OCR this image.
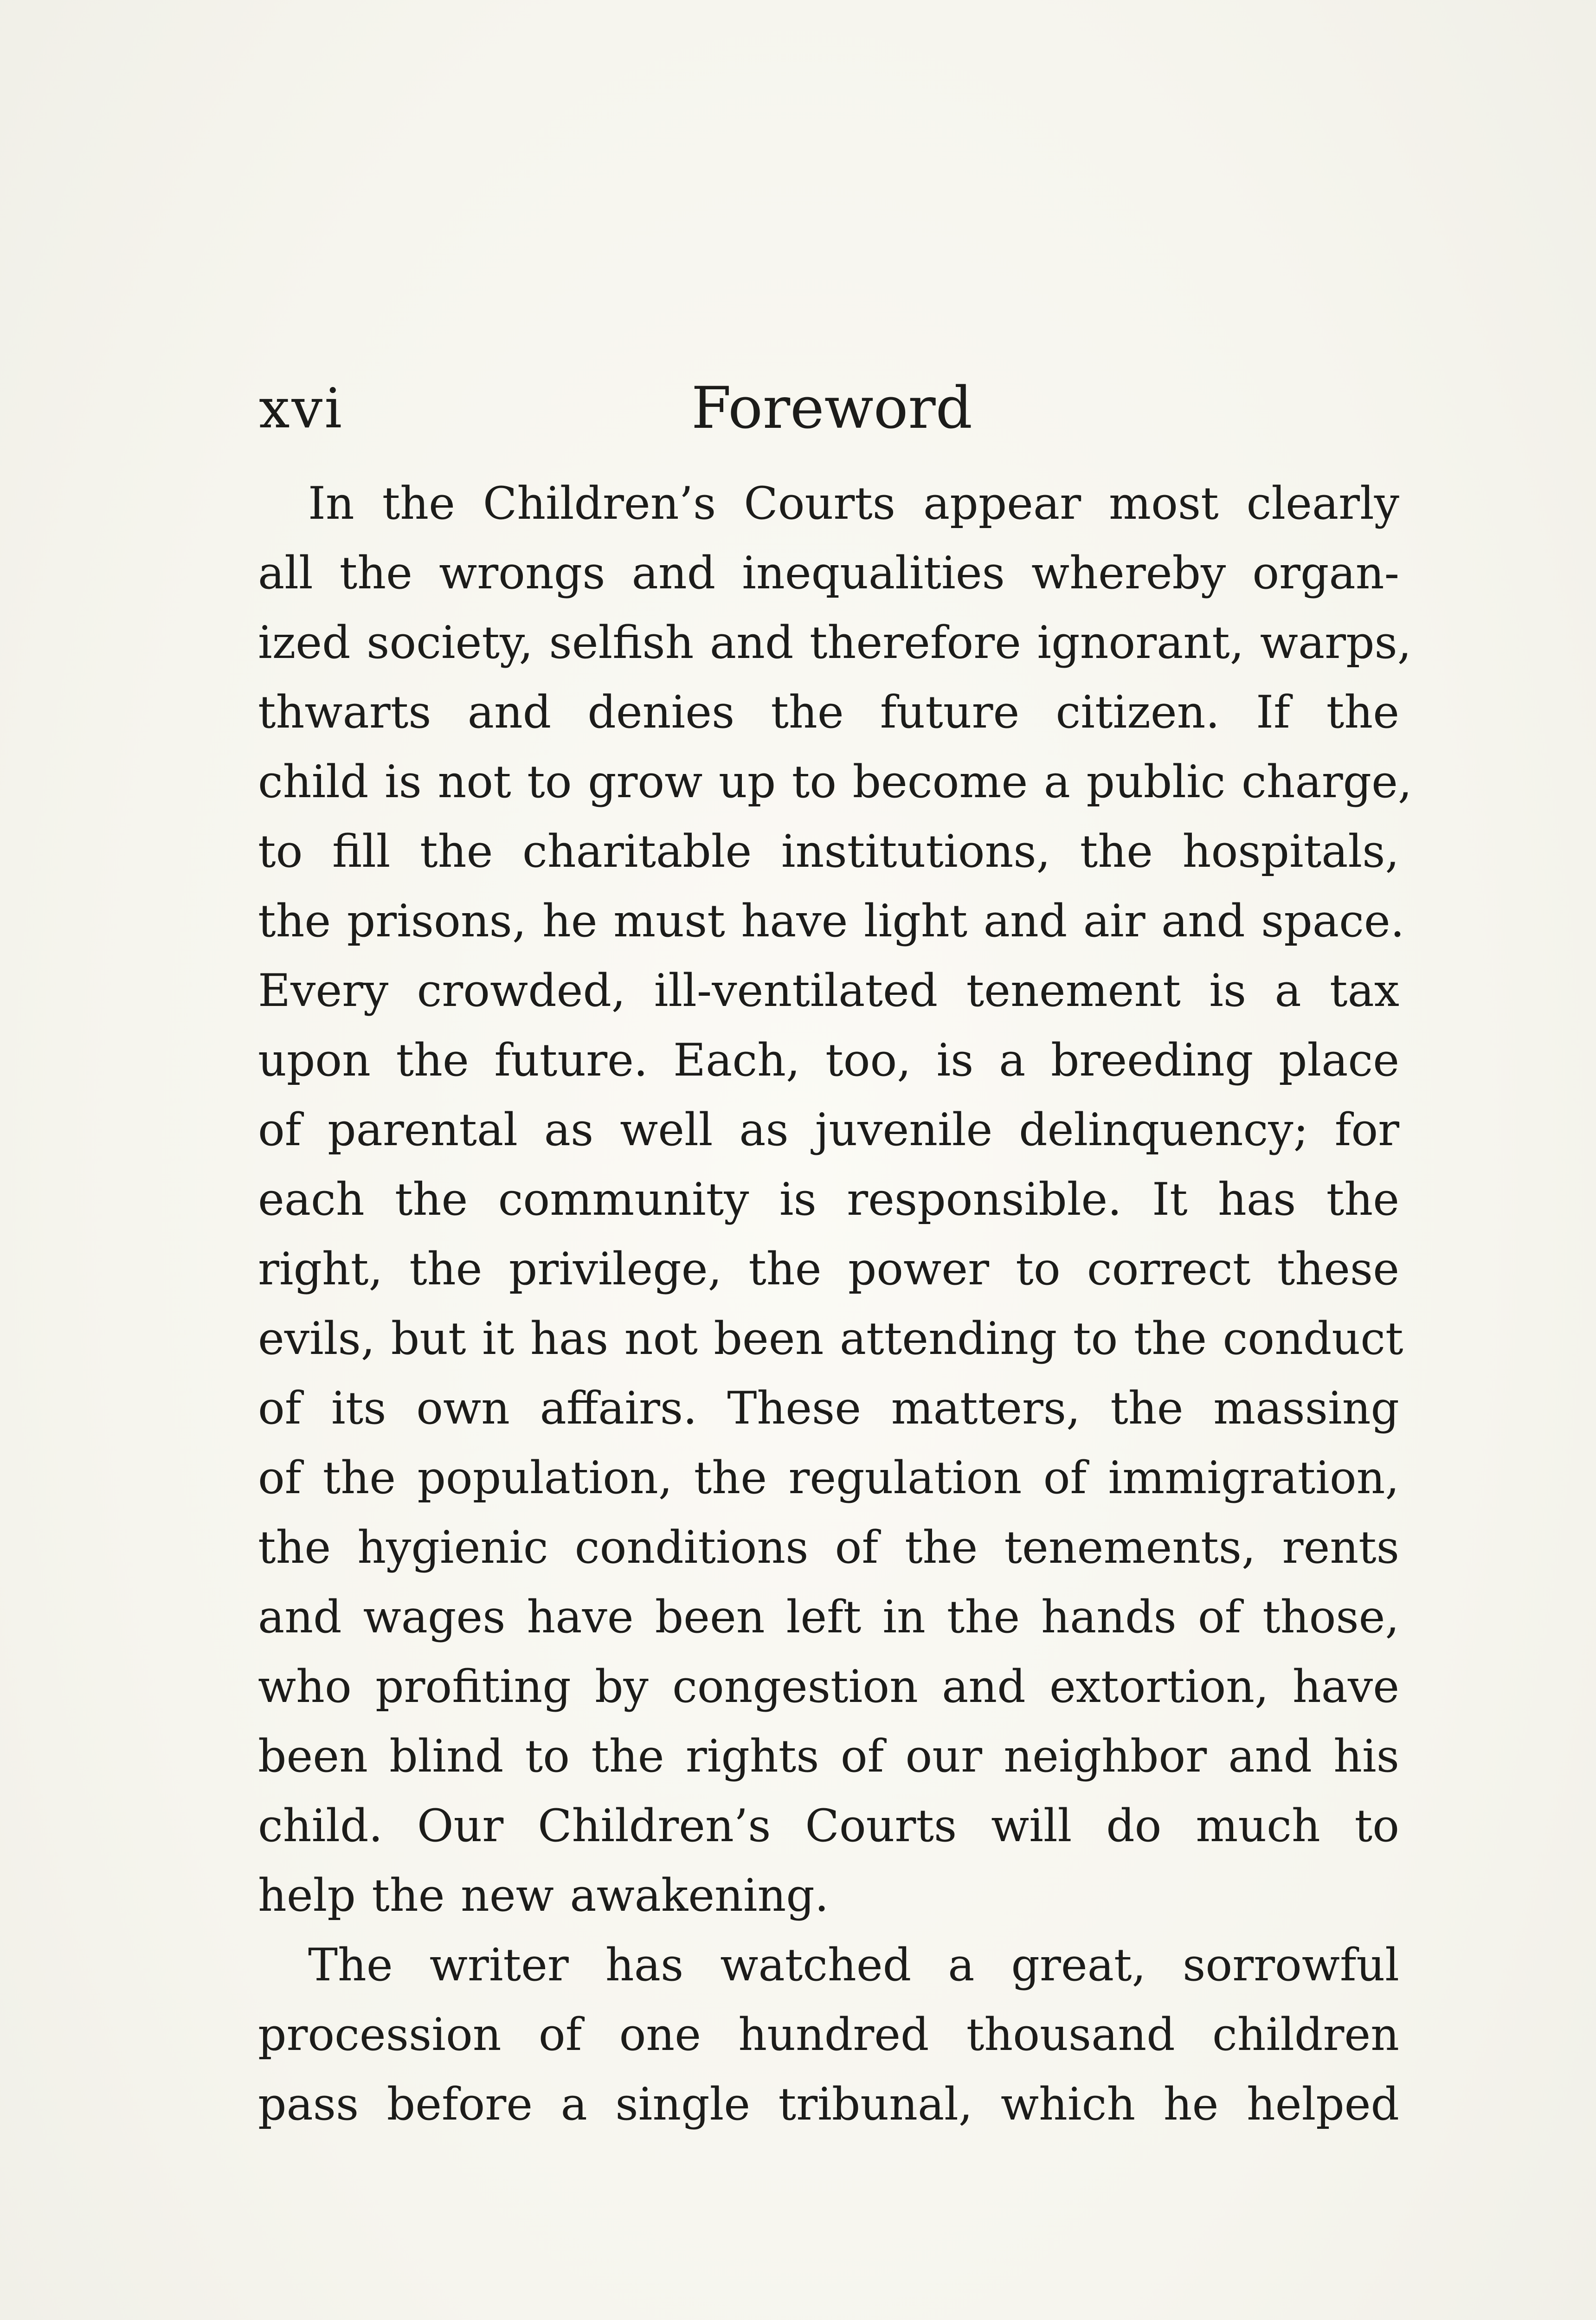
xvi	Foreword
In the Children’s Courts appear most clearly
all the wrongs and inequalities whereby organ-
ized society, selfish and therefore ignorant, warps,
thwarts and denies the future citizen. If the
child is not to grow up to become a public charge,
to fill the charitable institutions, the hospitals,
the prisons, he must have light and air and space.
Every crowded, ill-ventilated tenement is a tax
upon the future. Each, too, is a breeding place
of parental as well as juvenile delinquency; for
each the community is responsible. It has the
right, the privilege, the power to correct these
evils, but it has not been attending to the conduct
of its own affairs. These matters, the massing
of the population, the regulation of immigration,
the hygienic conditions of the tenements, rents
and wages have been left in the hands of those,
who profiting by congestion and extortion, have
been blind to the rights of our neighbor and his
child. Our Children’s Courts will do much to
help the new awakening.
The writer has watched a great, sorrowful
procession of one hundred thousand children
pass before a single tribunal, which he helped
